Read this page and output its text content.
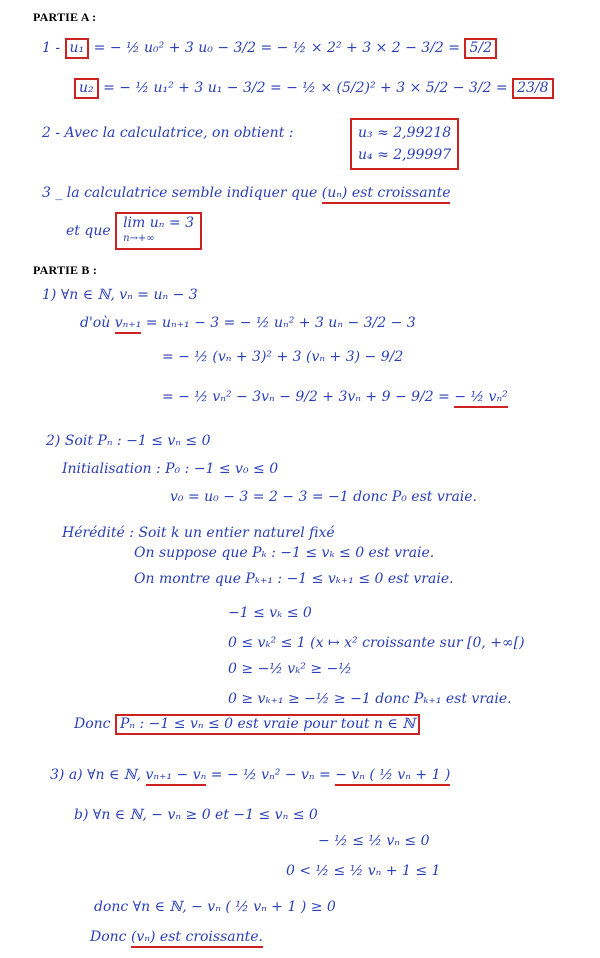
PARTIE A :
1 - u₁ = − ½ u₀² + 3 u₀ − 3/2 = − ½ × 2² + 3 × 2 − 3/2 = 5/2
u₂ = − ½ u₁² + 3 u₁ − 3/2 = − ½ × (5/2)² + 3 × 5/2 − 3/2 = 23/8
2 - Avec la calculatrice, on obtient :	u₃ ≈ 2,99218
u₄ ≈ 2,99997
3 _ la calculatrice semble indiquer que (uₙ) est croissante
et que lim uₙ = 3
n→+∞
PARTIE B :
1) ∀n ∈ ℕ, vₙ = uₙ − 3
d'où vₙ₊₁ = uₙ₊₁ − 3 = − ½ uₙ² + 3 uₙ − 3/2 − 3
= − ½ (vₙ + 3)² + 3 (vₙ + 3) − 9/2
= − ½ vₙ² − 3vₙ − 9/2 + 3vₙ + 9 − 9/2 = − ½ vₙ²
2) Soit Pₙ : −1 ≤ vₙ ≤ 0
Initialisation : P₀ : −1 ≤ v₀ ≤ 0
v₀ = u₀ − 3 = 2 − 3 = −1 donc P₀ est vraie.
Hérédité : Soit k un entier naturel fixé
On suppose que Pₖ : −1 ≤ vₖ ≤ 0 est vraie.
On montre que Pₖ₊₁ : −1 ≤ vₖ₊₁ ≤ 0 est vraie.
−1 ≤ vₖ ≤ 0
0 ≤ vₖ² ≤ 1 (x ↦ x² croissante sur [0, +∞[)
0 ≥ −½ vₖ² ≥ −½
0 ≥ vₖ₊₁ ≥ −½ ≥ −1 donc Pₖ₊₁ est vraie.
Donc Pₙ : −1 ≤ vₙ ≤ 0 est vraie pour tout n ∈ ℕ
3) a) ∀n ∈ ℕ, vₙ₊₁ − vₙ = − ½ vₙ² − vₙ = − vₙ ( ½ vₙ + 1 )
b) ∀n ∈ ℕ, − vₙ ≥ 0 et −1 ≤ vₙ ≤ 0
− ½ ≤ ½ vₙ ≤ 0
0 < ½ ≤ ½ vₙ + 1 ≤ 1
donc ∀n ∈ ℕ, − vₙ ( ½ vₙ + 1 ) ≥ 0
Donc (vₙ) est croissante.
